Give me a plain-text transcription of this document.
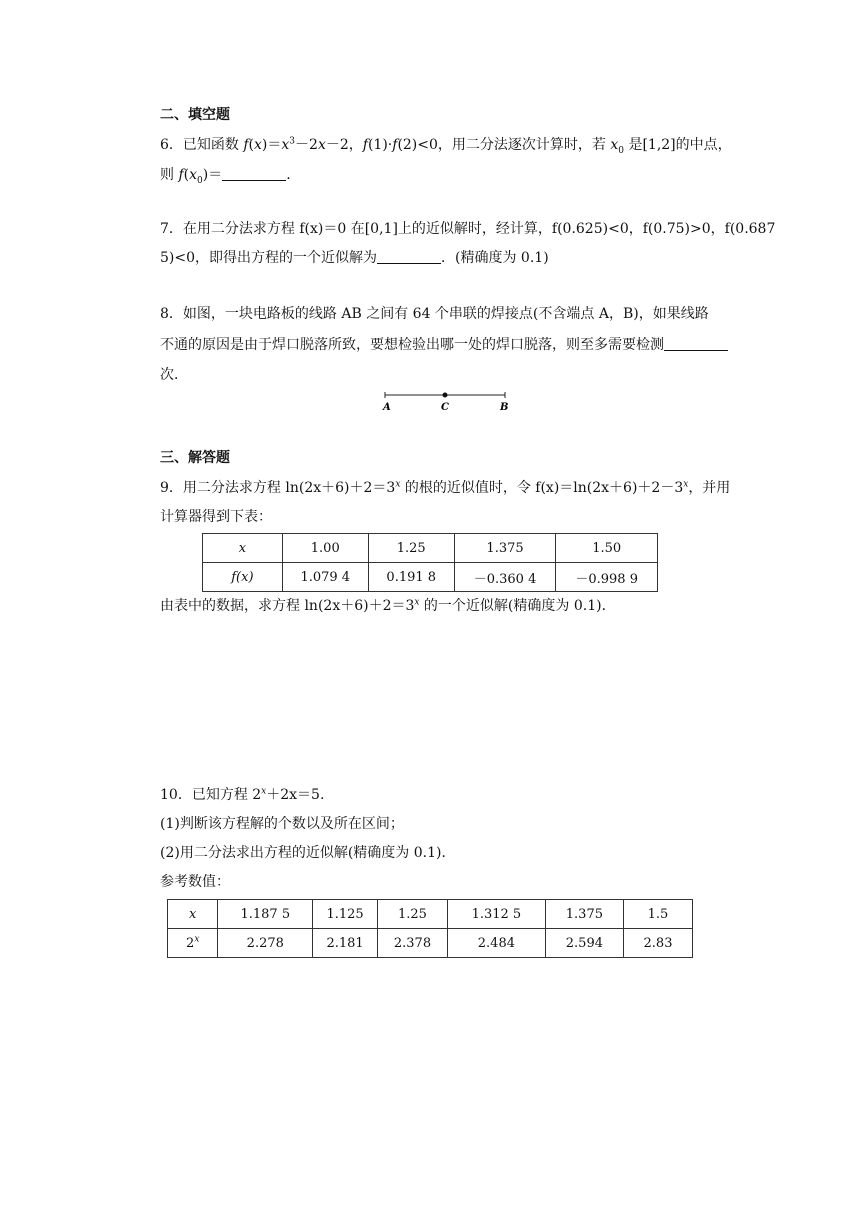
二、填空题
6．已知函数 $f(x)=x^3-2x-2$，f(1)·f(2)<0，用二分法逐次计算时，若 $x_0$ 是[1,2]的中点，
则 $f(x_0)=$	.
7．在用二分法求方程 f(x)＝0 在[0,1]上的近似解时，经计算，f(0.625)<0，f(0.75)>0，f(0.687
5)<0，即得出方程的一个近似解为	．(精确度为 0.1)
8．如图，一块电路板的线路 AB 之间有 64 个串联的焊接点(不含端点 A，B)，如果线路
不通的原因是由于焊口脱落所致，要想检验出哪一处的焊口脱落，则至多需要检测
次．
A	C	B
三、解答题
9．用二分法求方程 $\ln(2x+6)+2=3^x$ 的根的近似值时，令 $f(x)=\ln(2x+6)+2-3^x$，并用
计算器得到下表：
x	1.00	1.25	1.375	1.50
f(x)	1.079 4	0.191 8	－0.360 4	－0.998 9
由表中的数据，求方程 $\ln(2x+6)+2=3^x$ 的一个近似解(精确度为 0.1)．
10．已知方程 $2^x+2x=5$.
(1)判断该方程解的个数以及所在区间；
(2)用二分法求出方程的近似解(精确度为 0.1)．
参考数值：
x	1.187 5	1.125	1.25	1.312 5	1.375	1.5
2$^x$	2.278	2.181	2.378	2.484	2.594	2.83
